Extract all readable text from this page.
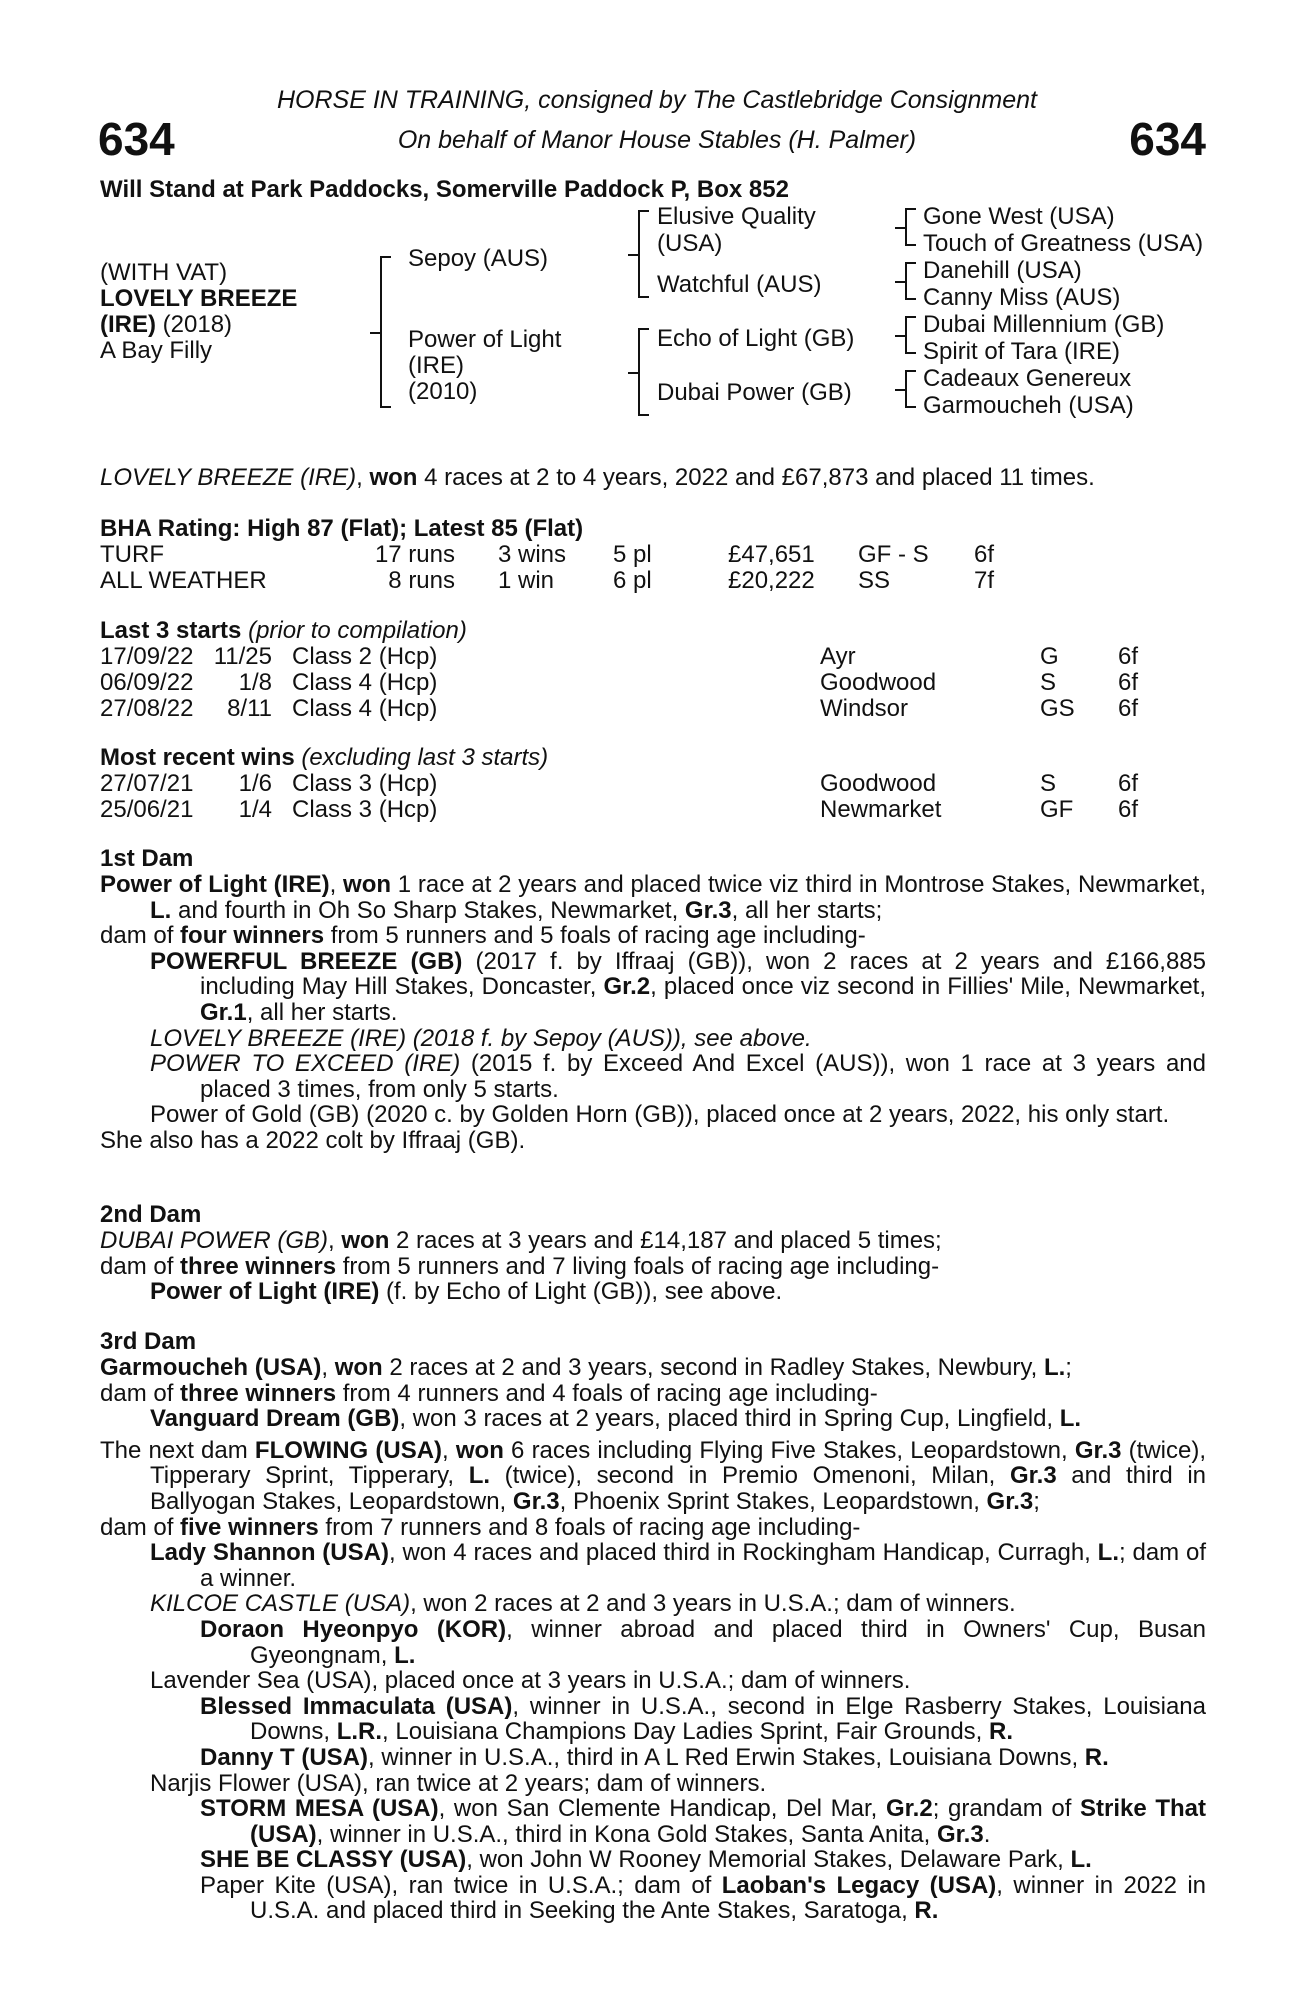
634	634
HORSE IN TRAINING, consigned by The Castlebridge Consignment
On behalf of Manor House Stables (H. Palmer)
Will Stand at Park Paddocks, Somerville Paddock P, Box 852
(WITH VAT)
LOVELY BREEZE
(IRE) (2018)
A Bay Filly
Sepoy (AUS)
Power of Light
(IRE)
(2010)
Elusive Quality
(USA)
Watchful (AUS)
Echo of Light (GB)
Dubai Power (GB)
Gone West (USA)
Touch of Greatness (USA)
Danehill (USA)
Canny Miss (AUS)
Dubai Millennium (GB)
Spirit of Tara (IRE)
Cadeaux Genereux
Garmoucheh (USA)
LOVELY BREEZE (IRE), won 4 races at 2 to 4 years, 2022 and £67,873 and placed 11 times.
BHA Rating: High 87 (Flat); Latest 85 (Flat)
TURF	17 runs 3 wins 5 pl	£47,651 GF - S 6f
ALL WEATHER	8 runs 1 win 6 pl	£20,222 SS	7f
Last 3 starts (prior to compilation)
17/09/22 11/25 Class 2 (Hcp)	Ayr	G 6f
06/09/22 1/8 Class 4 (Hcp)	Goodwood	S	6f
27/08/22 8/11 Class 4 (Hcp)	Windsor	GS 6f
Most recent wins (excluding last 3 starts)
27/07/21 1/6 Class 3 (Hcp)	Goodwood	S	6f
25/06/21 1/4 Class 3 (Hcp)	Newmarket	GF 6f
1st Dam

Power of Light (IRE), won 1 race at 2 years and placed twice viz third in Montrose Stakes, Newmarket, L. and fourth in Oh So Sharp Stakes, Newmarket, Gr.3, all her starts;

dam of four winners from 5 runners and 5 foals of racing age including-

POWERFUL BREEZE (GB) (2017 f. by Iffraaj (GB)), won 2 races at 2 years and £166,885 including May Hill Stakes, Doncaster, Gr.2, placed once viz second in Fillies' Mile, Newmarket, Gr.1, all her starts.

LOVELY BREEZE (IRE) (2018 f. by Sepoy (AUS)), see above.

POWER TO EXCEED (IRE) (2015 f. by Exceed And Excel (AUS)), won 1 race at 3 years and placed 3 times, from only 5 starts.

Power of Gold (GB) (2020 c. by Golden Horn (GB)), placed once at 2 years, 2022, his only start.

She also has a 2022 colt by Iffraaj (GB).

2nd Dam

DUBAI POWER (GB), won 2 races at 3 years and £14,187 and placed 5 times;

dam of three winners from 5 runners and 7 living foals of racing age including-

Power of Light (IRE) (f. by Echo of Light (GB)), see above.

3rd Dam

Garmoucheh (USA), won 2 races at 2 and 3 years, second in Radley Stakes, Newbury, L.;

dam of three winners from 4 runners and 4 foals of racing age including-

Vanguard Dream (GB), won 3 races at 2 years, placed third in Spring Cup, Lingfield, L.

The next dam FLOWING (USA), won 6 races including Flying Five Stakes, Leopardstown, Gr.3 (twice), Tipperary Sprint, Tipperary, L. (twice), second in Premio Omenoni, Milan, Gr.3 and third in Ballyogan Stakes, Leopardstown, Gr.3, Phoenix Sprint Stakes, Leopardstown, Gr.3;

dam of five winners from 7 runners and 8 foals of racing age including-

Lady Shannon (USA), won 4 races and placed third in Rockingham Handicap, Curragh, L.; dam of a winner.

KILCOE CASTLE (USA), won 2 races at 2 and 3 years in U.S.A.; dam of winners.

Doraon Hyeonpyo (KOR), winner abroad and placed third in Owners' Cup, Busan Gyeongnam, L.

Lavender Sea (USA), placed once at 3 years in U.S.A.; dam of winners.

Blessed Immaculata (USA), winner in U.S.A., second in Elge Rasberry Stakes, Louisiana Downs, L.R., Louisiana Champions Day Ladies Sprint, Fair Grounds, R.

Danny T (USA), winner in U.S.A., third in A L Red Erwin Stakes, Louisiana Downs, R.

Narjis Flower (USA), ran twice at 2 years; dam of winners.

STORM MESA (USA), won San Clemente Handicap, Del Mar, Gr.2; grandam of Strike That (USA), winner in U.S.A., third in Kona Gold Stakes, Santa Anita, Gr.3.

SHE BE CLASSY (USA), won John W Rooney Memorial Stakes, Delaware Park, L.

Paper Kite (USA), ran twice in U.S.A.; dam of Laoban's Legacy (USA), winner in 2022 in U.S.A. and placed third in Seeking the Ante Stakes, Saratoga, R.
